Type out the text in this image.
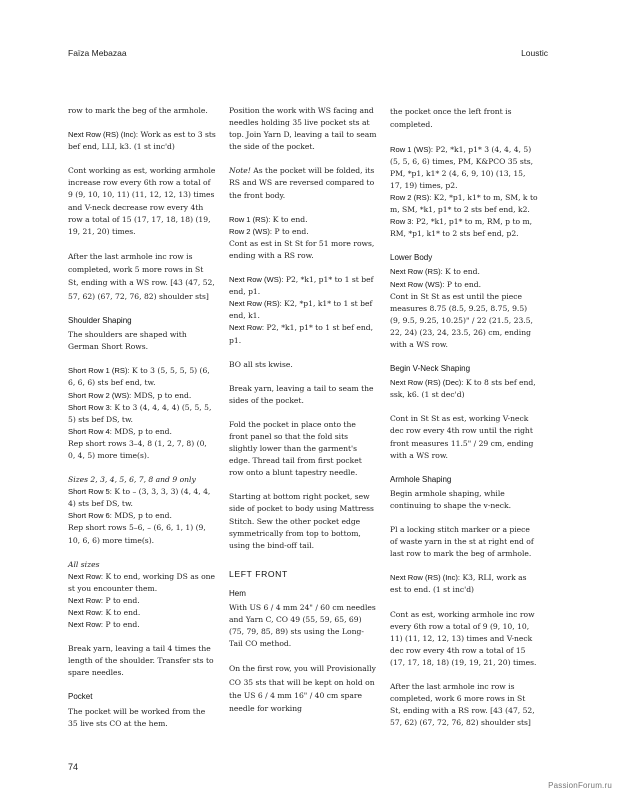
Faïza Mebazaa	Loustic

row to mark the beg of the armhole.

Next Row (RS) (Inc): Work as est to 3 sts bef end, LLI, k3. (1 st inc'd)

Cont working as est, working armhole increase row every 6th row a total of 9 (9, 10, 10, 11) (11, 12, 12, 13) times and V-neck decrease row every 4th row a total of 15 (17, 17, 18, 18) (19, 19, 21, 20) times.

After the last armhole inc row is completed, work 5 more rows in St St, ending with a WS row. [43 (47, 52, 57, 62) (67, 72, 76, 82) shoulder sts]

Shoulder Shaping

The shoulders are shaped with German Short Rows.

Short Row 1 (RS): K to 3 (5, 5, 5, 5) (6, 6, 6, 6) sts bef end, tw.
Short Row 2 (WS): MDS, p to end.
Short Row 3: K to 3 (4, 4, 4, 4) (5, 5, 5, 5) sts bef DS, tw.
Short Row 4: MDS, p to end.
Rep short rows 3–4, 8 (1, 2, 7, 8) (0, 0, 4, 5) more time(s).
Sizes 2, 3, 4, 5, 6, 7, 8 and 9 only
Short Row 5: K to – (3, 3, 3, 3) (4, 4, 4, 4) sts bef DS, tw.
Short Row 6: MDS, p to end.
Rep short rows 5–6, – (6, 6, 1, 1) (9, 10, 6, 6) more time(s).
All sizes
Next Row: K to end, working DS as one st you encounter them.
Next Row: P to end.
Next Row: K to end.
Next Row: P to end.

Break yarn, leaving a tail 4 times the length of the shoulder. Transfer sts to spare needles.

Pocket

The pocket will be worked from the 35 live sts CO at the hem.

Position the work with WS facing and needles holding 35 live pocket sts at top. Join Yarn D, leaving a tail to seam the side of the pocket.

Note! As the pocket will be folded, its RS and WS are reversed compared to the front body.

Row 1 (RS): K to end.
Row 2 (WS): P to end.
Cont as est in St St for 51 more rows, ending with a RS row.
Next Row (WS): P2, *k1, p1* to 1 st bef end, p1.
Next Row (RS): K2, *p1, k1* to 1 st bef end, k1.
Next Row: P2, *k1, p1* to 1 st bef end, p1.

BO all sts kwise.

Break yarn, leaving a tail to seam the sides of the pocket.

Fold the pocket in place onto the front panel so that the fold sits slightly lower than the garment's edge. Thread tail from first pocket row onto a blunt tapestry needle.

Starting at bottom right pocket, sew side of pocket to body using Mattress Stitch. Sew the other pocket edge symmetrically from top to bottom, using the bind-off tail.

LEFT FRONT
Hem

With US 6 / 4 mm 24" / 60 cm needles and Yarn C, CO 49 (55, 59, 65, 69) (75, 79, 85, 89) sts using the Long-Tail CO method.

On the first row, you will Provisionally CO 35 sts that will be kept on hold on the US 6 / 4 mm 16" / 40 cm spare needle for working

the pocket once the left front is completed.

Row 1 (WS): P2, *k1, p1* 3 (4, 4, 4, 5) (5, 5, 6, 6) times, PM, K&PCO 35 sts, PM, *p1, k1* 2 (4, 6, 9, 10) (13, 15, 17, 19) times, p2.
Row 2 (RS): K2, *p1, k1* to m, SM, k to m, SM, *k1, p1* to 2 sts bef end, k2.
Row 3: P2, *k1, p1* to m, RM, p to m, RM, *p1, k1* to 2 sts bef end, p2.
Lower Body
Next Row (RS): K to end.
Next Row (WS): P to end.
Cont in St St as est until the piece measures 8.75 (8.5, 9.25, 8.75, 9.5) (9, 9.5, 9.25, 10.25)" / 22 (21.5, 23.5, 22, 24) (23, 24, 23.5, 26) cm, ending with a WS row.
Begin V-Neck Shaping

Next Row (RS) (Dec): K to 8 sts bef end, ssk, k6. (1 st dec'd)

Cont in St St as est, working V-neck dec row every 4th row until the right front measures 11.5" / 29 cm, ending with a WS row.

Armhole Shaping

Begin armhole shaping, while continuing to shape the v-neck.

Pl a locking stitch marker or a piece of waste yarn in the st at right end of last row to mark the beg of armhole.

Next Row (RS) (Inc): K3, RLI, work as est to end. (1 st inc'd)

Cont as est, working armhole inc row every 6th row a total of 9 (9, 10, 10, 11) (11, 12, 12, 13) times and V-neck dec row every 4th row a total of 15 (17, 17, 18, 18) (19, 19, 21, 20) times.

After the last armhole inc row is completed, work 6 more rows in St St, ending with a RS row. [43 (47, 52, 57, 62) (67, 72, 76, 82) shoulder sts]

74
PassionForum.ru
